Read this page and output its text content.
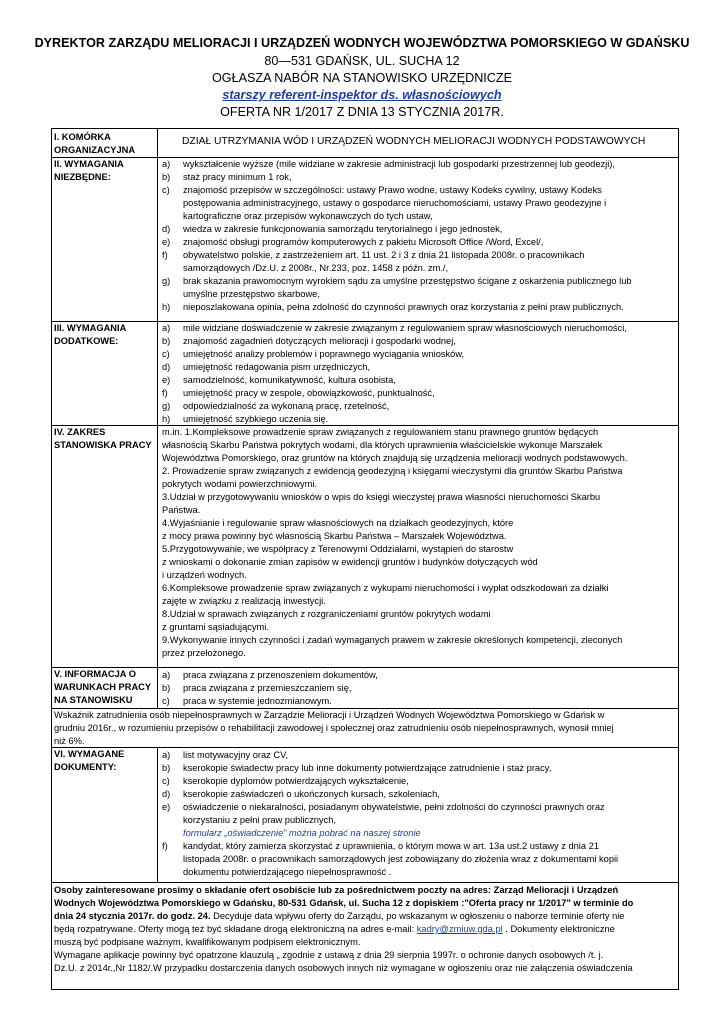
DYREKTOR ZARZĄDU MELIORACJI I URZĄDZEŃ WODNYCH WOJEWÓDZTWA POMORSKIEGO W GDAŃSKU
80—531 GDAŃSK, UL. SUCHA 12
OGŁASZA NABÓR NA STANOWISKO URZĘDNICZE
starszy referent-inspektor ds. własnościowych
OFERTA NR 1/2017 Z DNIA 13 STYCZNIA 2017R.
I. KOMÓRKA
ORGANIZACYJNA
DZIAŁ UTRZYMANIA WÓD I URZĄDZEŃ WODNYCH MELIORACJI WODNYCH PODSTAWOWYCH
II. WYMAGANIA
NIEZBĘDNE:
a) wykształcenie wyższe (mile widziane w zakresie administracji lub gospodarki przestrzennej lub geodezji),
b) staż pracy minimum 1 rok,
c) znajomość przepisów w szczególności: ustawy Prawo wodne, ustawy Kodeks cywilny, ustawy Kodeks
postępowania administracyjnego, ustawy o gospodarce nieruchomościami, ustawy Prawo geodezyjne i
kartograficzne oraz przepisów wykonawczych do tych ustaw,
d) wiedza w zakresie funkcjonowania samorządu terytorialnego i jego jednostek,
e) znajomość obsługi programów komputerowych z pakietu Microsoft Office /Word, Excel/,
f) obywatelstwo polskie, z zastrzeżeniem art. 11 ust. 2 i 3 z dnia 21 listopada 2008r. o pracownikach
samorządowych /Dz.U. z 2008r., Nr.233, poz. 1458 z późn. zm./,
g) brak skazania prawomocnym wyrokiem sądu za umyślne przestępstwo ścigane z oskarżenia publicznego lub
umyślne przestępstwo skarbowe,
h) nieposzlakowana opinia, pełna zdolność do czynności prawnych oraz korzystania z pełni praw publicznych.
III. WYMAGANIA
DODATKOWE:
a) mile widziane doświadczenie w zakresie związanym z regulowaniem spraw własnościowych nieruchomości,
b) znajomość zagadnień dotyczących melioracji i gospodarki wodnej,
c) umiejętność analizy problemów i poprawnego wyciągania wniosków,
d) umiejętność redagowania pism urzędniczych,
e) samodzielność, komunikatywność, kultura osobista,
f) umiejętność pracy w zespole, obowiązkowość, punktualność,
g) odpowiedzialność za wykonaną pracę, rzetelność,
h) umiejętność szybkiego uczenia się.
IV. ZAKRES
STANOWISKA PRACY
m.in. 1.Kompleksowe prowadzenie spraw związanych z regulowaniem stanu prawnego gruntów będących
własnością Skarbu Państwa pokrytych wodami, dla których uprawnienia właścicielskie wykonuje Marszałek
Województwa Pomorskiego, oraz gruntów na których znajdują się urządzenia melioracji wodnych podstawowych.
2. Prowadzenie spraw związanych z ewidencją geodezyjną i księgami wieczystymi dla gruntów Skarbu Państwa
pokrytych wodami powierzchniowymi.
3.Udział w przygotowywaniu wniosków o wpis do księgi wieczystej prawa własności nieruchomości Skarbu
Państwa.
4.Wyjaśnianie i regulowanie spraw własnościowych na działkach geodezyjnych, które
z mocy prawa powinny być własnością Skarbu Państwa – Marszałek Województwa.
5.Przygotowywanie, we współpracy z Terenowymi Oddziałami, wystąpień do starostw
z wnioskami o dokonanie zmian zapisów w ewidencji gruntów i budynków dotyczących wód
i urządzeń wodnych.
6.Kompleksowe prowadzenie spraw związanych z wykupami nieruchomości i wypłat odszkodowań za działki
zajęte w związku z realizacją inwestycji.
8.Udział w sprawach związanych z rozgraniczeniami gruntów pokrytych wodami
z gruntami sąsiadującymi.
9.Wykonywanie innych czynności i zadań wymaganych prawem w zakresie określonych kompetencji, zleconych
przez przełożonego.
V. INFORMACJA O
WARUNKACH PRACY
NA STANOWISKU
a) praca związana z przenoszeniem dokumentów,
b) praca związana z przemieszczaniem się,
c) praca w systemie jednozmianowym.
Wskaźnik zatrudnienia osób niepełnosprawnych w Zarządzie Melioracji i Urządzeń Wodnych Województwa Pomorskiego w Gdańsk w
grudniu 2016r., w rozumieniu przepisów o rehabilitacji zawodowej i społecznej oraz zatrudnieniu osób niepełnosprawnych, wynosił mniej
niż 6%.
VI. WYMAGANE
DOKUMENTY:
a) list motywacyjny oraz CV,
b) kserokopie świadectw pracy lub inne dokumenty potwierdzające zatrudnienie i staż pracy,
c) kserokopie dyplomów potwierdzających wykształcenie,
d) kserokopie zaświadczeń o ukończonych kursach, szkoleniach,
e) oświadczenie o niekaralności, posiadanym obywatelstwie, pełni zdolności do czynności prawnych oraz
korzystaniu z pełni praw publicznych,
formularz „oświadczenie” można pobrać na naszej stronie
f) kandydat, który zamierza skorzystać z uprawnienia, o którym mowa w art. 13a ust.2 ustawy z dnia 21
listopada 2008r. o pracownikach samorządowych jest zobowiązany do złożenia wraz z dokumentami kopii
dokumentu potwierdzającego niepełnosprawność .
Osoby zainteresowane prosimy o składanie ofert osobiście lub za pośrednictwem poczty na adres: Zarząd Melioracji i Urządzeń
Wodnych Województwa Pomorskiego w Gdańsku, 80-531 Gdańsk, ul. Sucha 12 z dopiskiem :"Oferta pracy nr 1/2017" w terminie do
dnia 24 stycznia 2017r. do godz. 24. Decyduje data wpływu oferty do Zarządu, po wskazanym w ogłoszeniu o naborze terminie oferty nie
będą rozpatrywane. Oferty mogą też być składane drogą elektroniczną na adres e-mail: kadry@zmiuw.gda.pl . Dokumenty elektroniczne
muszą być podpisane ważnym, kwalifikowanym podpisem elektronicznym.
Wymagane aplikacje powinny być opatrzone klauzulą „ zgodnie z ustawą z dnia 29 sierpnia 1997r. o ochronie danych osobowych /t. j.
Dz.U. z 2014r.,Nr 1182/.W przypadku dostarczenia danych osobowych innych niż wymagane w ogłoszeniu oraz nie załączenia oświadczenia
